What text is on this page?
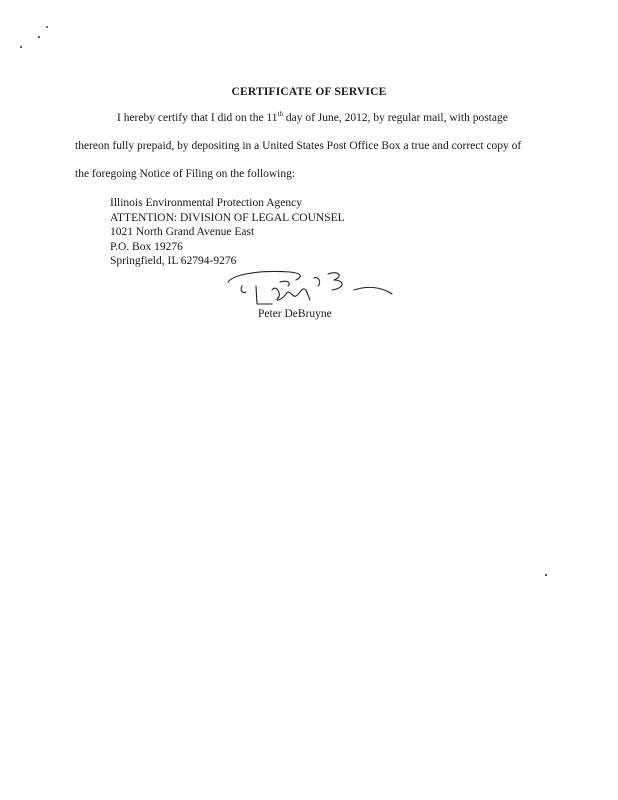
CERTIFICATE OF SERVICE
I hereby certify that I did on the 11th day of June, 2012, by regular mail, with postage
thereon fully prepaid, by depositing in a United States Post Office Box a true and correct copy of
the foregoing Notice of Filing on the following:
Illinois Environmental Protection Agency
ATTENTION: DIVISION OF LEGAL COUNSEL
1021 North Grand Avenue East
P.O. Box 19276
Springfield, IL 62794-9276
Peter DeBruyne
